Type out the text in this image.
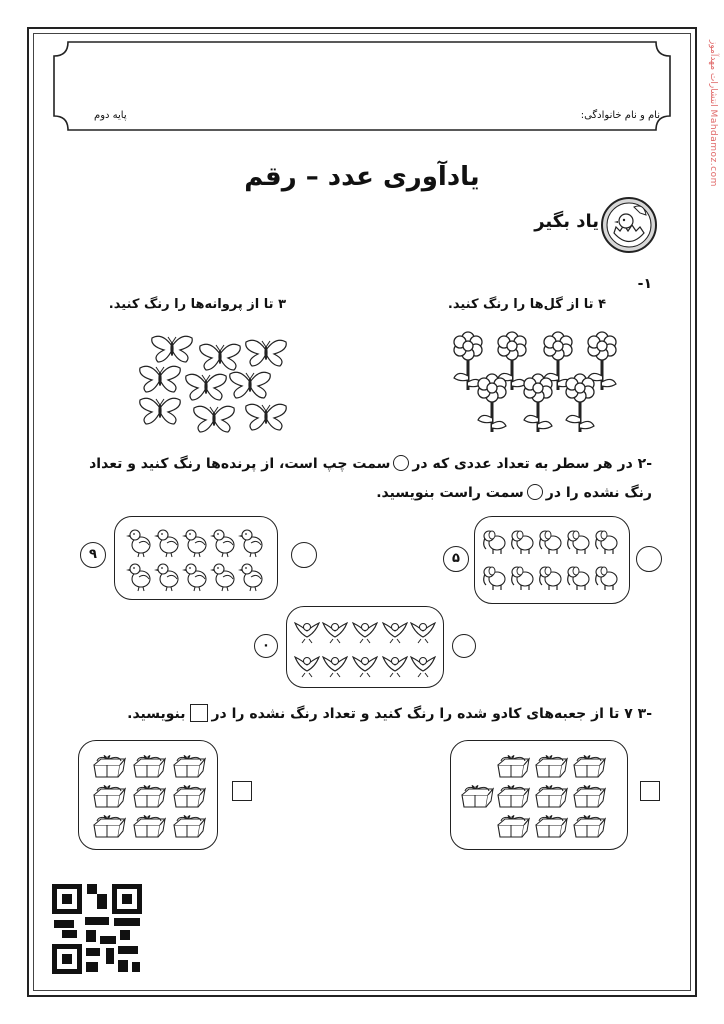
انتشارات مهدآموز Mahdamoz.com
نام و نام خانوادگی:
پایه دوم
یادآوری عدد – رقم
یاد بگیر
-۱
۴ تا از گل‌ها را رنگ کنید.
۳ تا از پروانه‌ها را رنگ کنید.
-۲ در هر سطر به تعداد عددی که درسمت چپ است، از پرنده‌ها رنگ کنید و تعداد
رنگ نشده را درسمت راست بنویسید.
۹	۵
۰
-۳ ۷ تا از جعبه‌های کادو شده را رنگ کنید و تعداد رنگ نشده را دربنویسید.
